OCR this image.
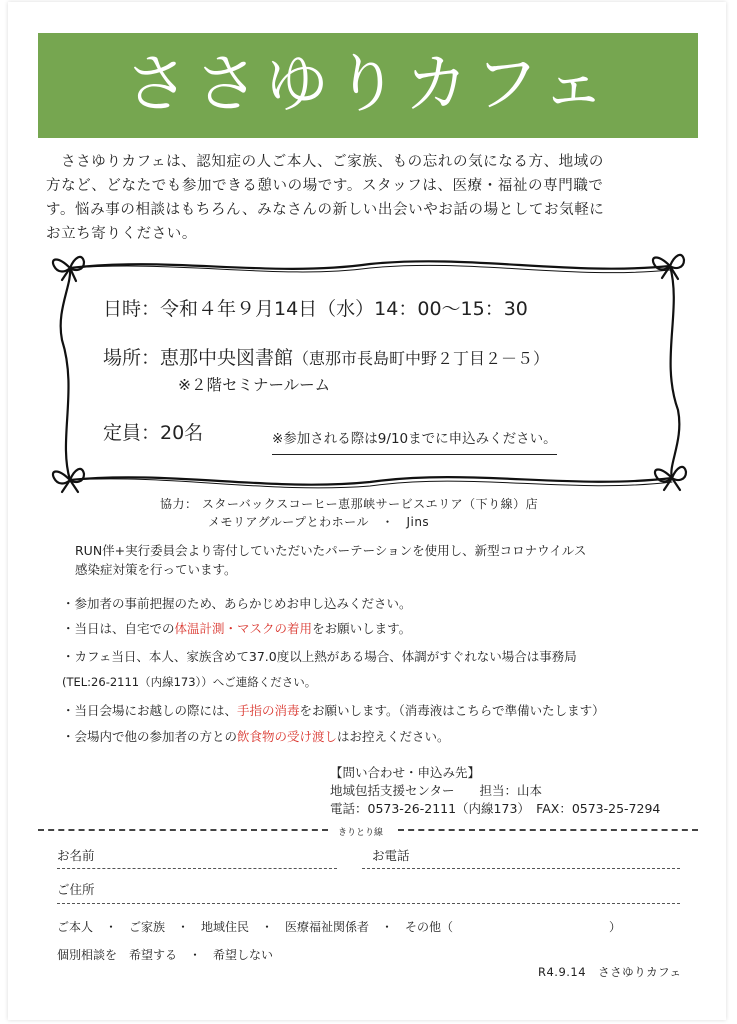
ささゆりカフェ
　ささゆりカフェは、認知症の人ご本人、ご家族、もの忘れの気になる方、地域の
方など、どなたでも参加できる憩いの場です。スタッフは、医療・福祉の専門職で
す。悩み事の相談はもちろん、みなさんの新しい出会いやお話の場としてお気軽に
お立ち寄りください。
日時：令和４年９月14日（水）14：00～15：30
場所：恵那中央図書館（恵那市長島町中野２丁目２－５）
※２階セミナールーム
定員：20名	※参加される際は9/10までに申込みください。
協力： スターバックスコーヒー恵那峡サービスエリア（下り線）店
メモリアグループとわホール　・　Jins
RUN伴+実行委員会より寄付していただいたパーテーションを使用し、新型コロナウイルス
感染症対策を行っています。
・参加者の事前把握のため、あらかじめお申し込みください。
・当日は、自宅での体温計測・マスクの着用をお願いします。
・カフェ当日、本人、家族含めて37.0度以上熱がある場合、体調がすぐれない場合は事務局
(TEL:26-2111（内線173））へご連絡ください。
・当日会場にお越しの際には、手指の消毒をお願いします。（消毒液はこちらで準備いたします）
・会場内で他の参加者の方との飲食物の受け渡しはお控えください。
【問い合わせ・申込み先】
地域包括支援センター　　担当：山本
電話：0573-26-2111（内線173）　FAX：0573-25-7294
きりとり線
お名前	お電話
ご住所
ご本人　・　ご家族　・　地域住民　・　医療福祉関係者　・　その他（　　　　　　　　　　　　　）
個別相談を　希望する　・　希望しない
R4.9.14　ささゆりカフェ
